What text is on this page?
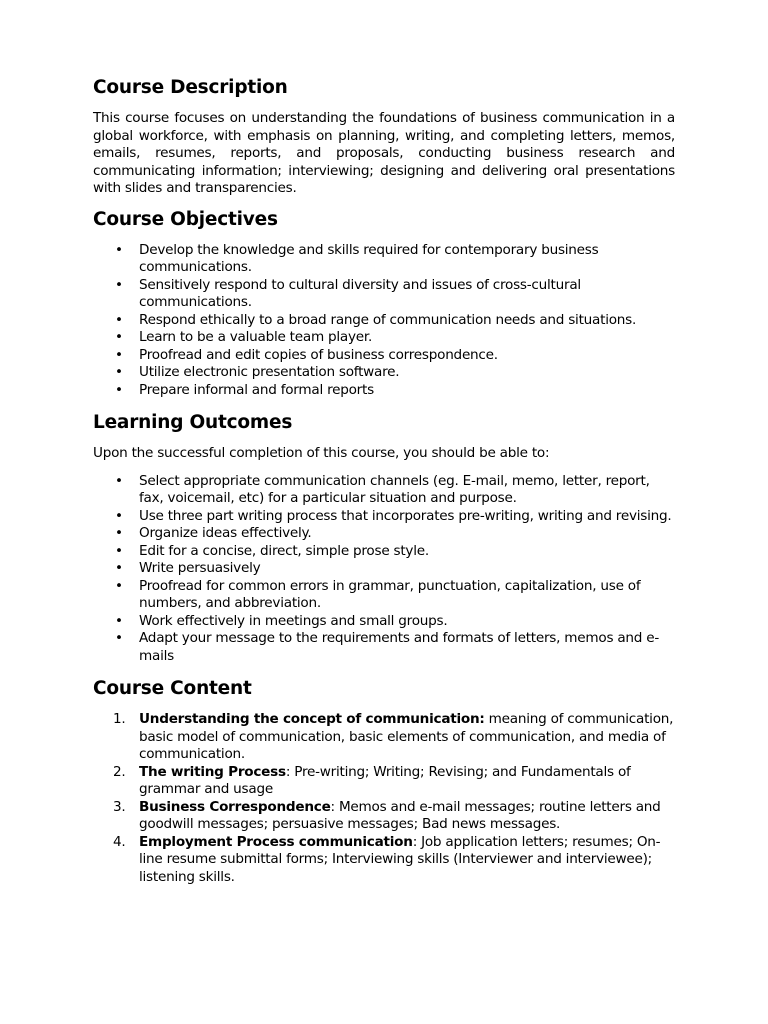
Course Description

This course focuses on understanding the foundations of business communication in a global workforce, with emphasis on planning, writing, and completing letters, memos, emails, resumes, reports, and proposals, conducting business research and communicating information; interviewing; designing and delivering oral presentations with slides and transparencies.

Course Objectives
• Develop the knowledge and skills required for contemporary business communications.
• Sensitively respond to cultural diversity and issues of cross-cultural communications.
• Respond ethically to a broad range of communication needs and situations.
• Learn to be a valuable team player.
• Proofread and edit copies of business correspondence.
• Utilize electronic presentation software.
• Prepare informal and formal reports
Learning Outcomes

Upon the successful completion of this course, you should be able to:

• Select appropriate communication channels (eg. E-mail, memo, letter, report, fax, voicemail, etc) for a particular situation and purpose.
• Use three part writing process that incorporates pre-writing, writing and revising.
• Organize ideas effectively.
• Edit for a concise, direct, simple prose style.
• Write persuasively
• Proofread for common errors in grammar, punctuation, capitalization, use of numbers, and abbreviation.
• Work effectively in meetings and small groups.
• Adapt your message to the requirements and formats of letters, memos and e-mails
Course Content
1. Understanding the concept of communication: meaning of communication, basic model of communication, basic elements of communication, and media of communication.
2. The writing Process: Pre-writing; Writing; Revising; and Fundamentals of grammar and usage
3. Business Correspondence: Memos and e-mail messages; routine letters and goodwill messages; persuasive messages; Bad news messages.
4. Employment Process communication: Job application letters; resumes; On-line resume submittal forms; Interviewing skills (Interviewer and interviewee); listening skills.
